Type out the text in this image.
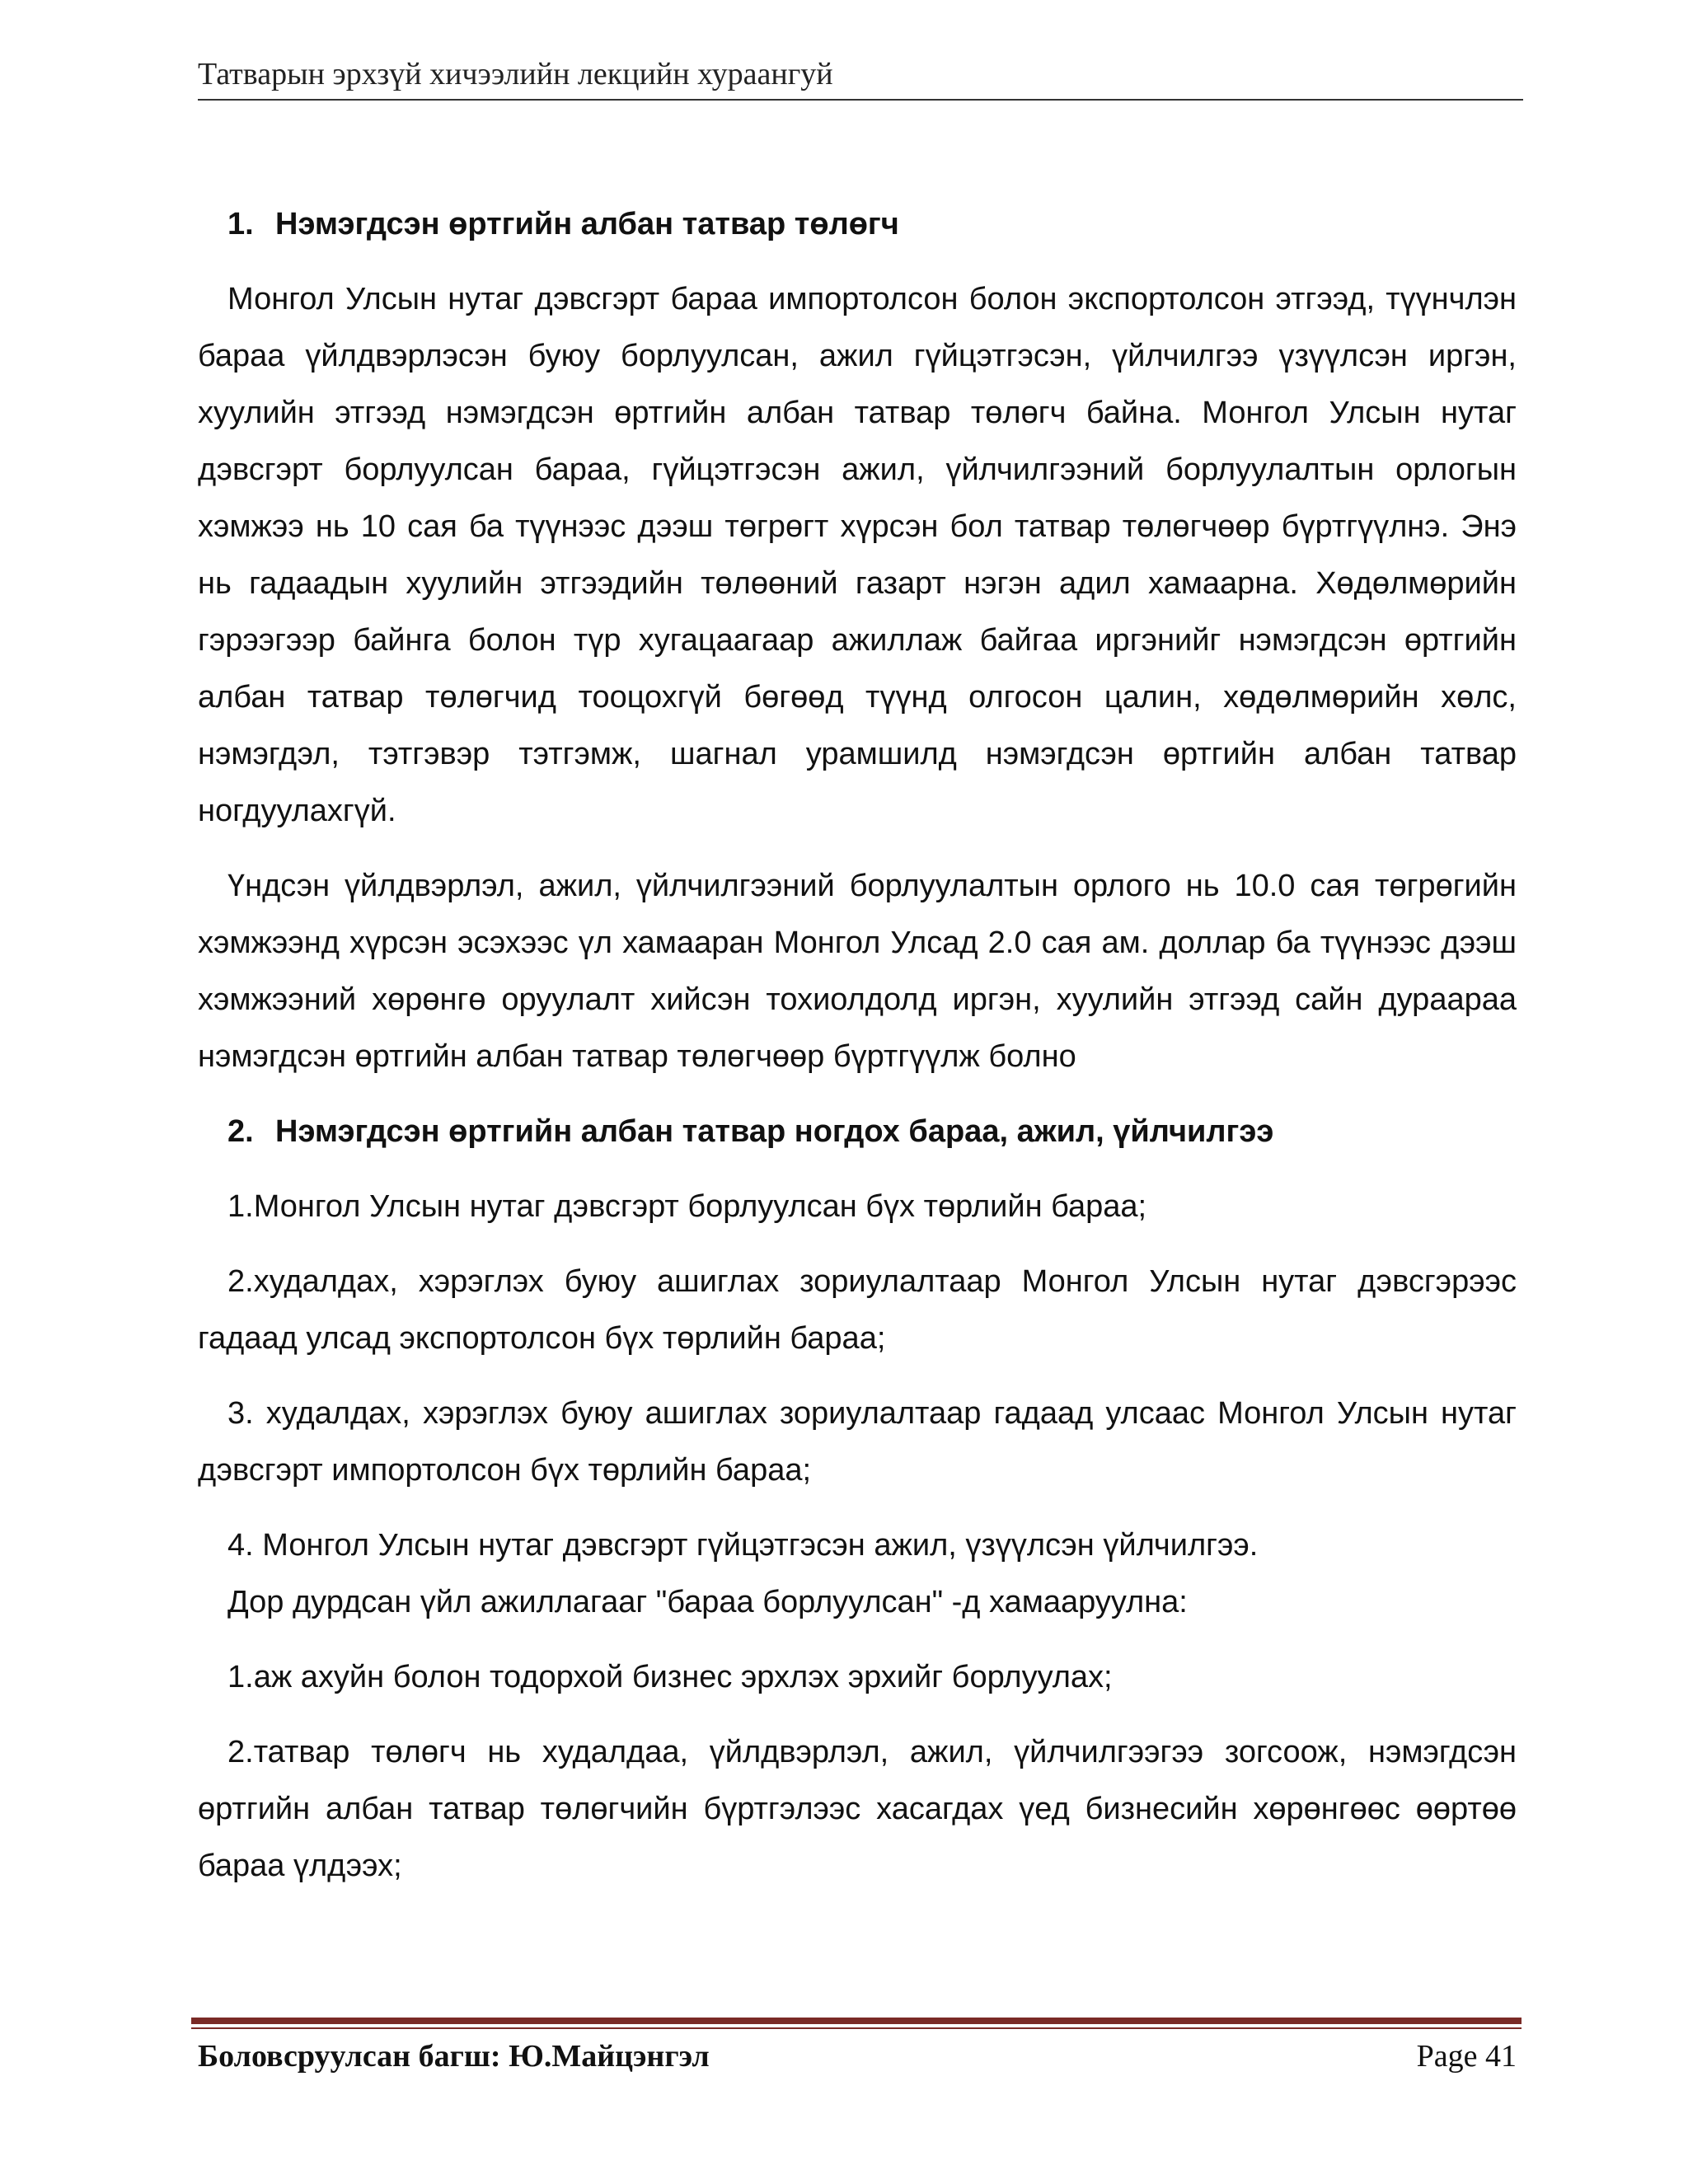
Татварын эрхзүй хичээлийн лекцийн хураангуй
1. Нэмэгдсэн өртгийн албан татвар төлөгч

Монгол Улсын нутаг дэвсгэрт бараа импортолсон болон экспортолсон этгээд, түүнчлэн бараа үйлдвэрлэсэн буюу борлуулсан, ажил гүйцэтгэсэн, үйлчилгээ үзүүлсэн иргэн, хуулийн этгээд нэмэгдсэн өртгийн албан татвар төлөгч байна. Монгол Улсын нутаг дэвсгэрт борлуулсан бараа, гүйцэтгэсэн ажил, үйлчилгээний борлуулалтын орлогын хэмжээ нь 10 сая ба түүнээс дээш төгрөгт хүрсэн бол татвар төлөгчөөр бүртгүүлнэ. Энэ нь гадаадын хуулийн этгээдийн төлөөний газарт нэгэн адил хамаарна. Хөдөлмөрийн гэрээгээр байнга болон түр хугацаагаар ажиллаж байгаа иргэнийг нэмэгдсэн өртгийн албан татвар төлөгчид тооцохгүй бөгөөд түүнд олгосон цалин, хөдөлмөрийн хөлс, нэмэгдэл, тэтгэвэр тэтгэмж, шагнал урамшилд нэмэгдсэн өртгийн албан татвар ногдуулахгүй.

Үндсэн үйлдвэрлэл, ажил, үйлчилгээний борлуулалтын орлого нь 10.0 сая төгрөгийн хэмжээнд хүрсэн эсэхээс үл хамааран Монгол Улсад 2.0 сая ам. доллар ба түүнээс дээш хэмжээний хөрөнгө оруулалт хийсэн тохиолдолд иргэн, хуулийн этгээд сайн дураараа нэмэгдсэн өртгийн албан татвар төлөгчөөр бүртгүүлж болно

2. Нэмэгдсэн өртгийн албан татвар ногдох бараа, ажил, үйлчилгээ

1.Монгол Улсын нутаг дэвсгэрт борлуулсан бүх төрлийн бараа;

2.худалдах, хэрэглэх буюу ашиглах зориулалтаар Монгол Улсын нутаг дэвсгэрээс гадаад улсад экспортолсон бүх төрлийн бараа;

3. худалдах, хэрэглэх буюу ашиглах зориулалтаар гадаад улсаас Монгол Улсын нутаг дэвсгэрт импортолсон бүх төрлийн бараа;

4. Монгол Улсын нутаг дэвсгэрт гүйцэтгэсэн ажил, үзүүлсэн үйлчилгээ.

Дор дурдсан үйл ажиллагааг "бараа борлуулсан" -д хамааруулна:

1.аж ахуйн болон тодорхой бизнес эрхлэх эрхийг борлуулах;

2.татвар төлөгч нь худалдаа, үйлдвэрлэл, ажил, үйлчилгээгээ зогсоож, нэмэгдсэн өртгийн албан татвар төлөгчийн бүртгэлээс хасагдах үед бизнесийн хөрөнгөөс өөртөө бараа үлдээх;

Боловсруулсан багш: Ю.Майцэнгэл	Page 41
